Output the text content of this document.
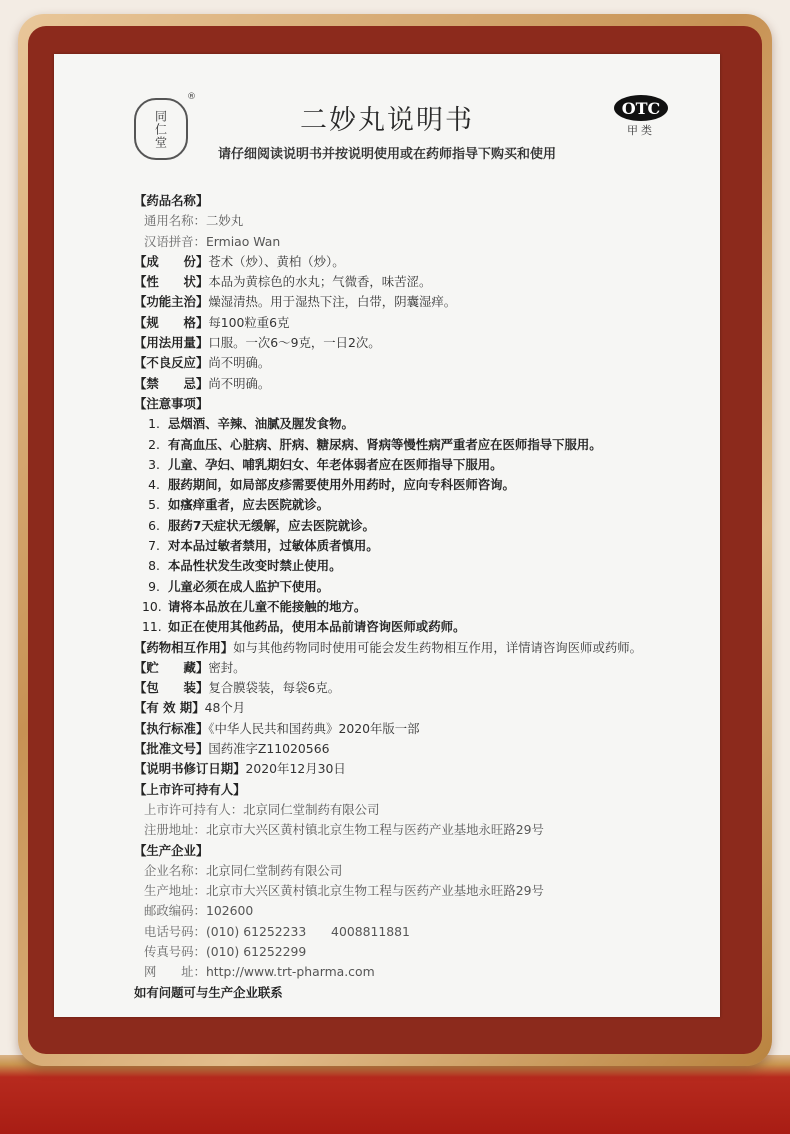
同仁堂
®
二妙丸说明书	OTC
甲类
请仔细阅读说明书并按说明使用或在药师指导下购买和使用
【药品名称】
通用名称：二妙丸
汉语拼音：Ermiao Wan
【成　　份】苍术（炒）、黄柏（炒）。
【性　　状】本品为黄棕色的水丸；气微香，味苦涩。
【功能主治】燥湿清热。用于湿热下注，白带，阴囊湿痒。
【规　　格】每100粒重6克
【用法用量】口服。一次6～9克，一日2次。
【不良反应】尚不明确。
【禁　　忌】尚不明确。
【注意事项】
1. 忌烟酒、辛辣、油腻及腥发食物。
2. 有高血压、心脏病、肝病、糖尿病、肾病等慢性病严重者应在医师指导下服用。
3. 儿童、孕妇、哺乳期妇女、年老体弱者应在医师指导下服用。
4. 服药期间，如局部皮疹需要使用外用药时，应向专科医师咨询。
5. 如瘙痒重者，应去医院就诊。
6. 服药7天症状无缓解，应去医院就诊。
7. 对本品过敏者禁用，过敏体质者慎用。
8. 本品性状发生改变时禁止使用。
9. 儿童必须在成人监护下使用。
10. 请将本品放在儿童不能接触的地方。
11. 如正在使用其他药品，使用本品前请咨询医师或药师。
【药物相互作用】如与其他药物同时使用可能会发生药物相互作用，详情请咨询医师或药师。
【贮　　藏】密封。
【包　　装】复合膜袋装，每袋6克。
【有 效 期】48个月
【执行标准】《中华人民共和国药典》2020年版一部
【批准文号】国药准字Z11020566
【说明书修订日期】2020年12月30日
【上市许可持有人】
上市许可持有人：北京同仁堂制药有限公司
注册地址：北京市大兴区黄村镇北京生物工程与医药产业基地永旺路29号
【生产企业】
企业名称：北京同仁堂制药有限公司
生产地址：北京市大兴区黄村镇北京生物工程与医药产业基地永旺路29号
邮政编码：102600
电话号码：(010) 61252233　　4008811881
传真号码：(010) 61252299
网　　址：http://www.trt-pharma.com
如有问题可与生产企业联系
